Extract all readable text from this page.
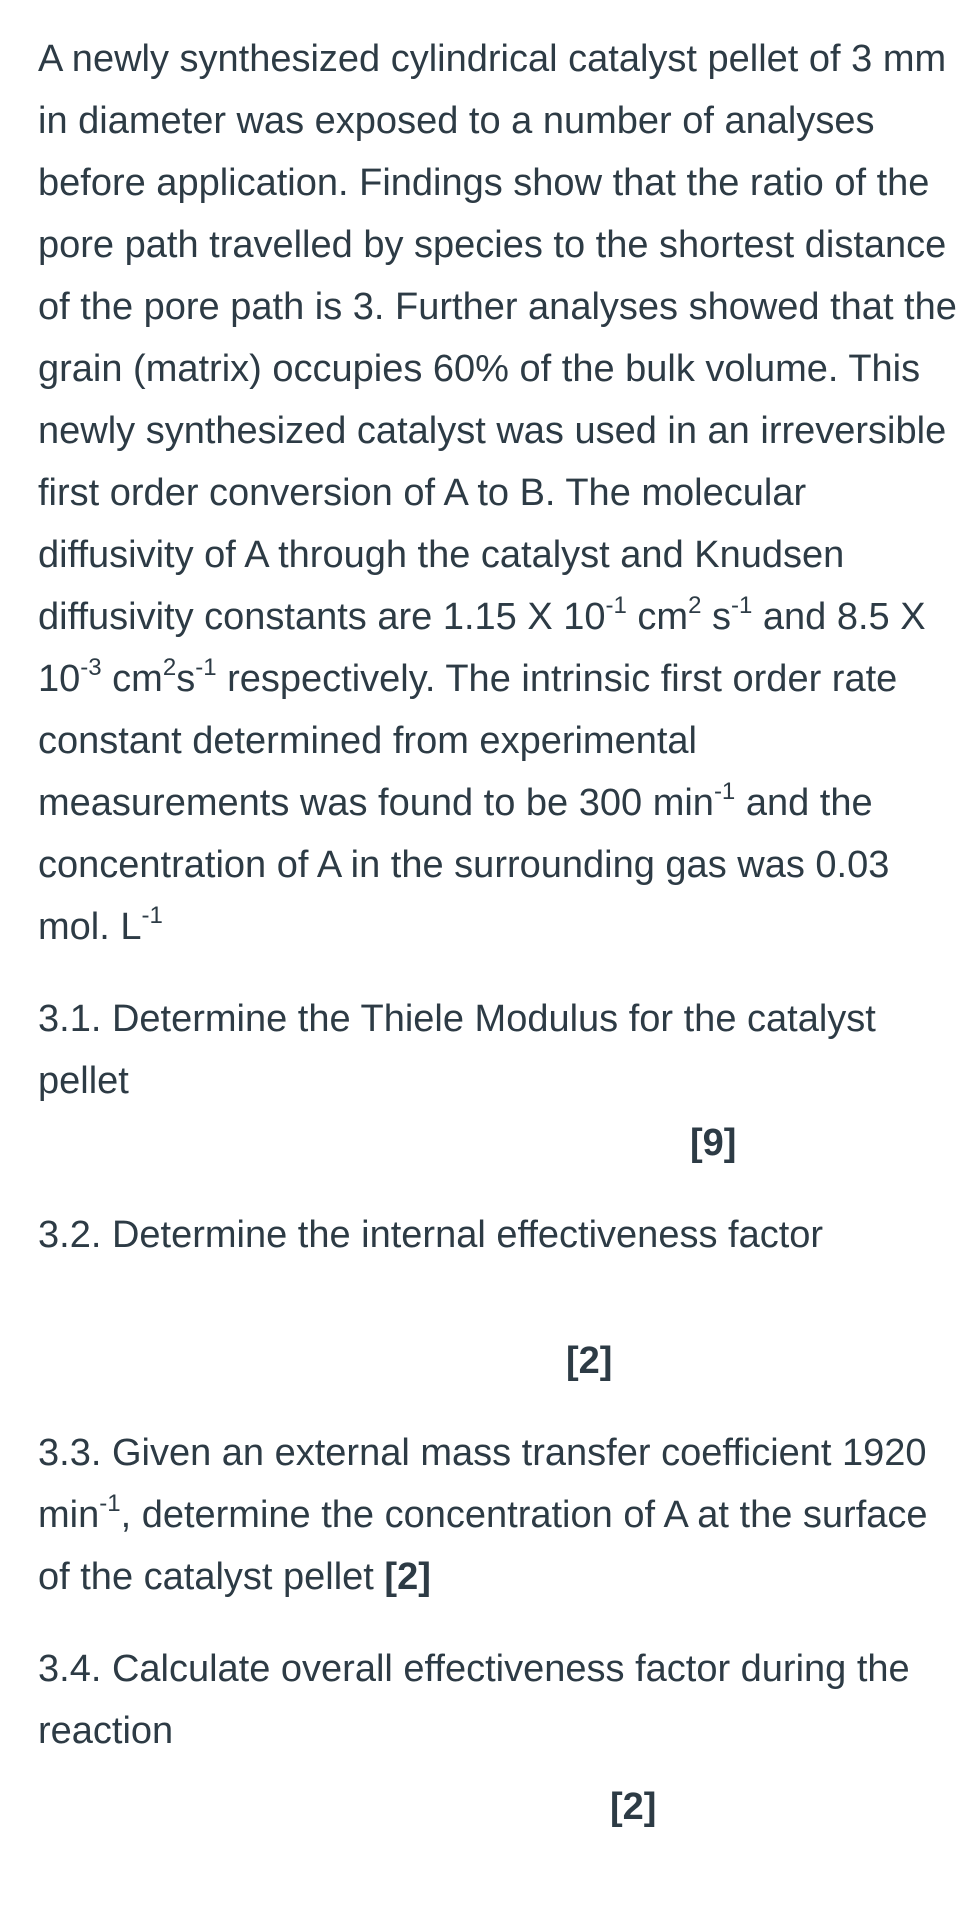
A newly synthesized cylindrical catalyst pellet of 3 mm in diameter was exposed to a number of analyses before application. Findings show that the ratio of the pore path travelled by species to the shortest distance of the pore path is 3. Further analyses showed that the grain (matrix) occupies 60% of the bulk volume. This newly synthesized catalyst was used in an irreversible first order conversion of A to B. The molecular diffusivity of A through the catalyst and Knudsen diffusivity constants are 1.15 X $10^{-1}$ $cm^2$ $s^{-1}$ and 8.5 X $10^{-3}$ $cm^2s^{-1}$ respectively. The intrinsic first order rate constant determined from experimental measurements was found to be 300 $\min^{-1}$ and the concentration of A in the surrounding gas was 0.03 mol. $L^{-1}$

3.1. Determine the Thiele Modulus for the catalyst pellet

[9]

3.2. Determine the internal effectiveness factor

[2]

3.3. Given an external mass transfer coefficient 1920 $\min^{-1}$, determine the concentration of A at the surface of the catalyst pellet [2]

3.4. Calculate overall effectiveness factor during the reaction

[2]
